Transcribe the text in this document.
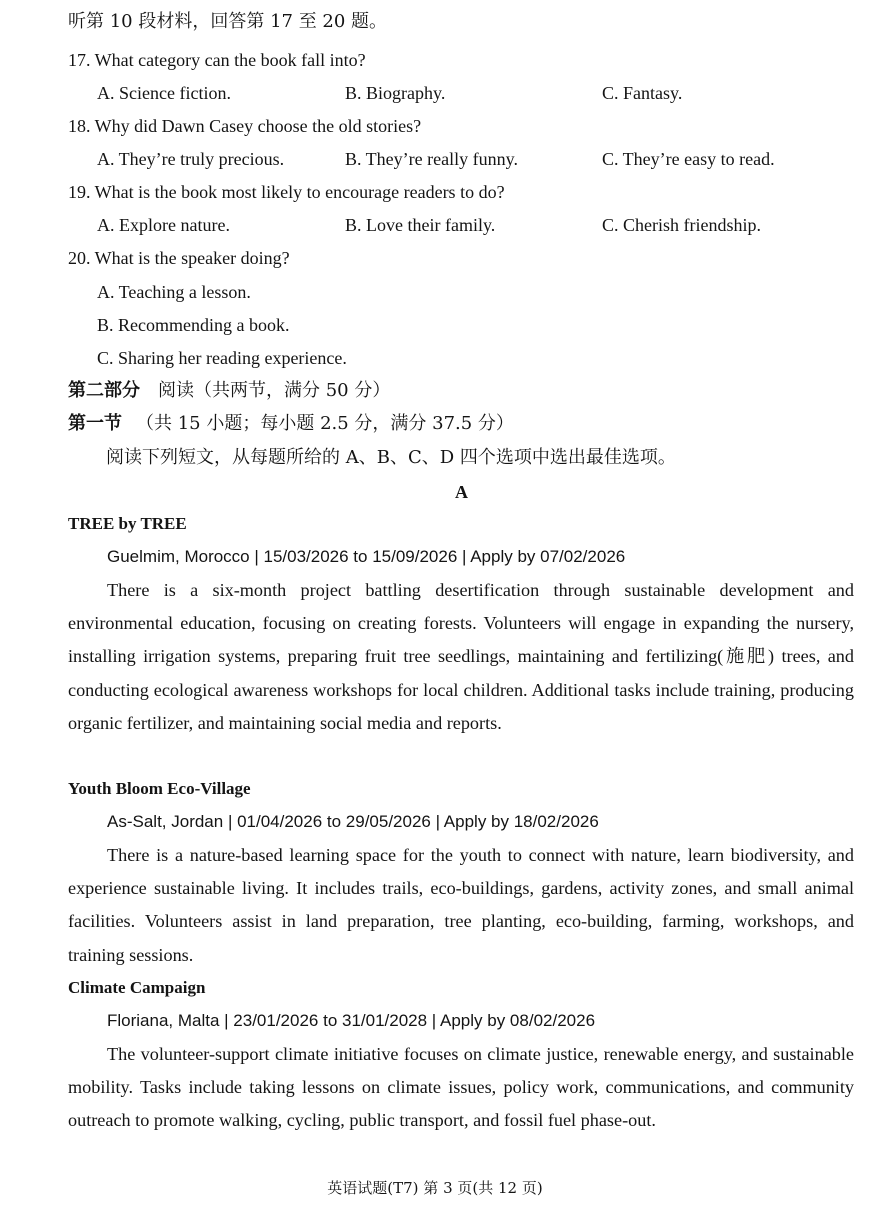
听第 10 段材料，回答第 17 至 20 题。
17. What category can the book fall into?
A. Science fiction.	B. Biography.	C. Fantasy.
18. Why did Dawn Casey choose the old stories?
A. They’re truly precious.	B. They’re really funny.	C. They’re easy to read.
19. What is the book most likely to encourage readers to do?
A. Explore nature.	B. Love their family.	C. Cherish friendship.
20. What is the speaker doing?
A. Teaching a lesson.
B. Recommending a book.
C. Sharing her reading experience.
第二部分 阅读（共两节，满分 50 分）
第一节 （共 15 小题；每小题 2.5 分，满分 37.5 分）
阅读下列短文，从每题所给的 A、B、C、D 四个选项中选出最佳选项。
A
TREE by TREE
Guelmim, Morocco | 15/03/2026 to 15/09/2026 | Apply by 07/02/2026
There is a six-month project battling desertification through sustainable development and environmental education, focusing on creating forests. Volunteers will engage in expanding the nursery, installing irrigation systems, preparing fruit tree seedlings, maintaining and fertilizing(施肥) trees, and conducting ecological awareness workshops for local children. Additional tasks include training, producing organic fertilizer, and maintaining social media and reports.
Youth Bloom Eco-Village
As-Salt, Jordan | 01/04/2026 to 29/05/2026 | Apply by 18/02/2026
There is a nature-based learning space for the youth to connect with nature, learn biodiversity, and experience sustainable living. It includes trails, eco-buildings, gardens, activity zones, and small animal facilities. Volunteers assist in land preparation, tree planting, eco-building, farming, workshops, and training sessions.
Climate Campaign
Floriana, Malta | 23/01/2026 to 31/01/2028 | Apply by 08/02/2026
The volunteer-support climate initiative focuses on climate justice, renewable energy, and sustainable mobility. Tasks include taking lessons on climate issues, policy work, communications, and community outreach to promote walking, cycling, public transport, and fossil fuel phase-out.
英语试题(T7) 第 3 页(共 12 页)
